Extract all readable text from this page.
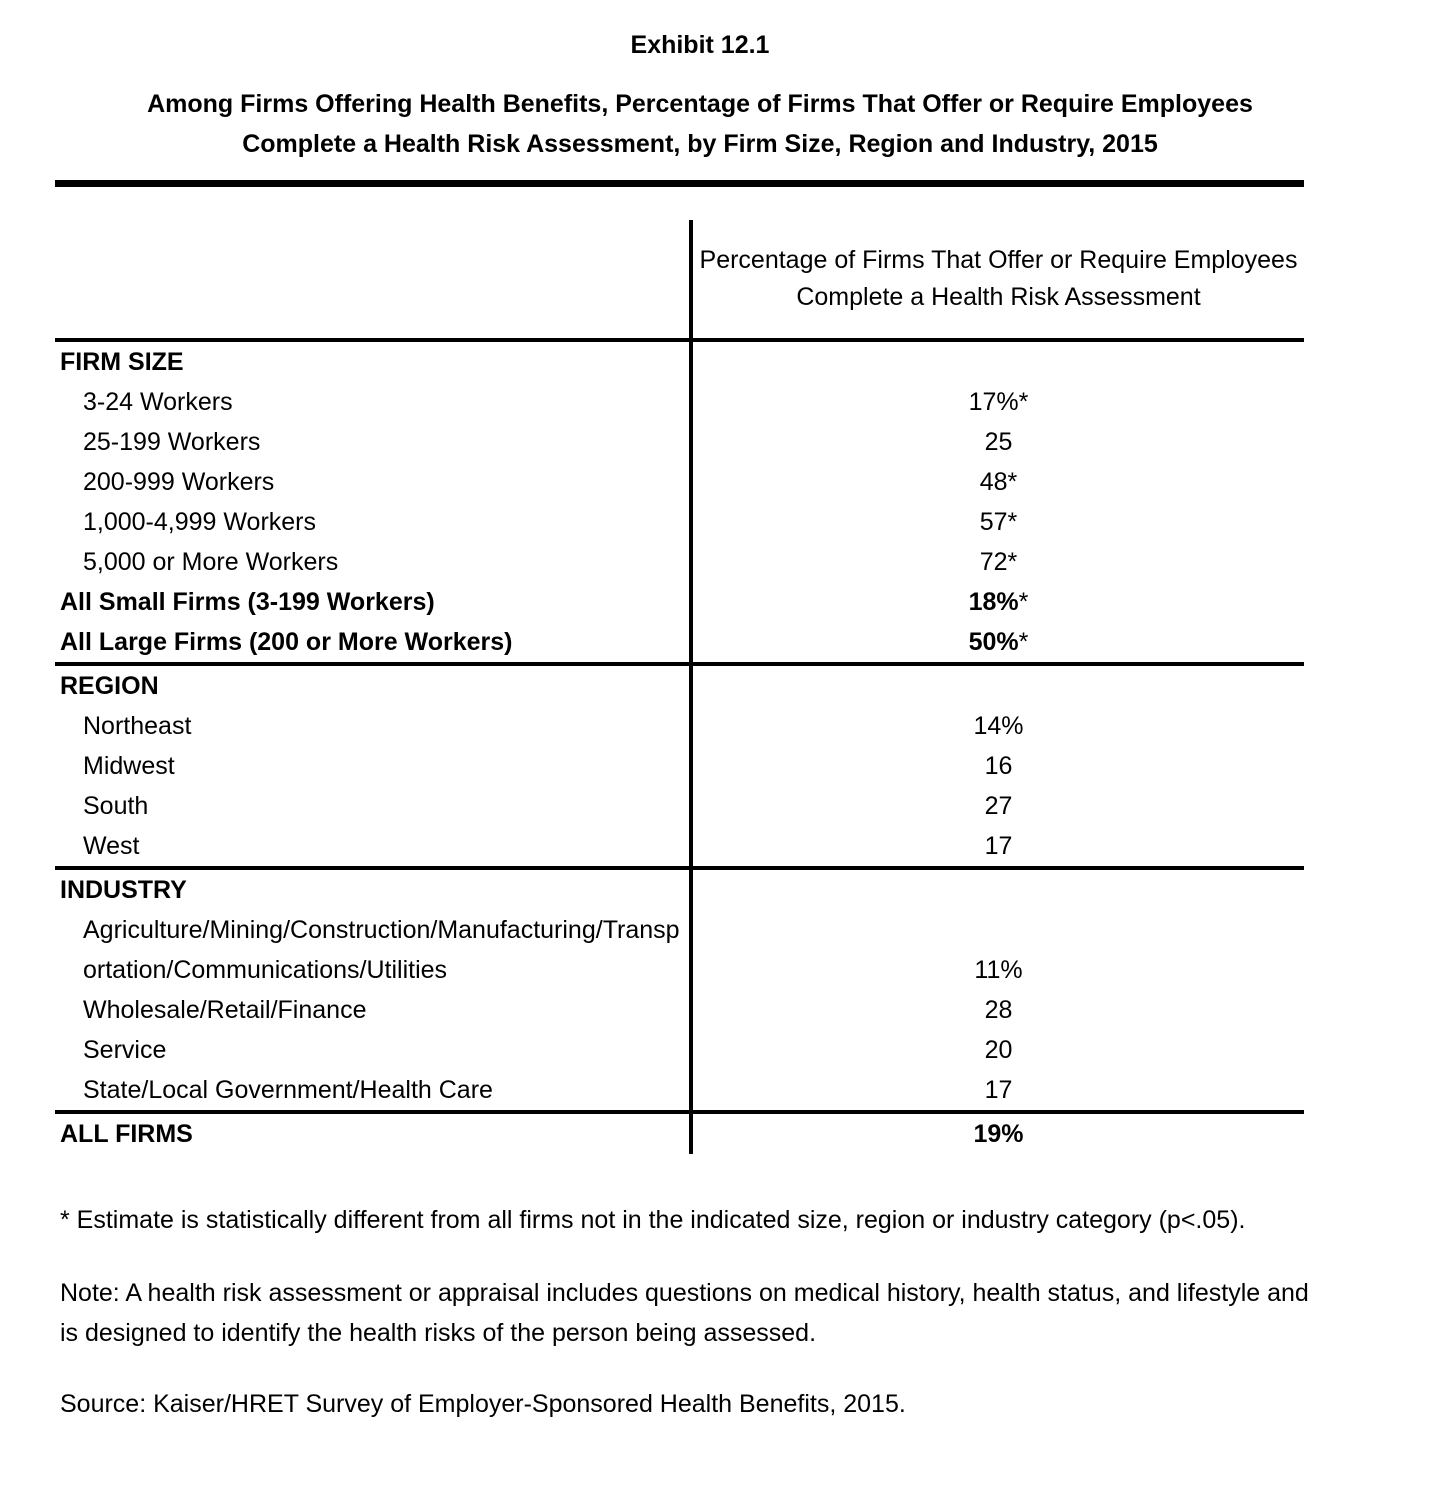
Exhibit 12.1
Among Firms Offering Health Benefits, Percentage of Firms That Offer or Require Employees
Complete a Health Risk Assessment, by Firm Size, Region and Industry, 2015
	Percentage of Firms That Offer or Require Employees Complete a Health Risk Assessment
FIRM SIZE	
3-24 Workers	17%*
25-199 Workers	25
200-999 Workers	48*
1,000-4,999 Workers	57*
5,000 or More Workers	72*
All Small Firms (3-199 Workers)	18%*
All Large Firms (200 or More Workers)	50%*
REGION	
Northeast	14%
Midwest	16
South	27
West	17
INDUSTRY	
Agriculture/Mining/Construction/Manufacturing/Transportation/Communications/Utilities	11%
Wholesale/Retail/Finance	28
Service	20
State/Local Government/Health Care	17
ALL FIRMS	19%

* Estimate is statistically different from all firms not in the indicated size, region or industry category (p<.05).

Note: A health risk assessment or appraisal includes questions on medical history, health status, and lifestyle and is designed to identify the health risks of the person being assessed.

Source: Kaiser/HRET Survey of Employer-Sponsored Health Benefits, 2015.
